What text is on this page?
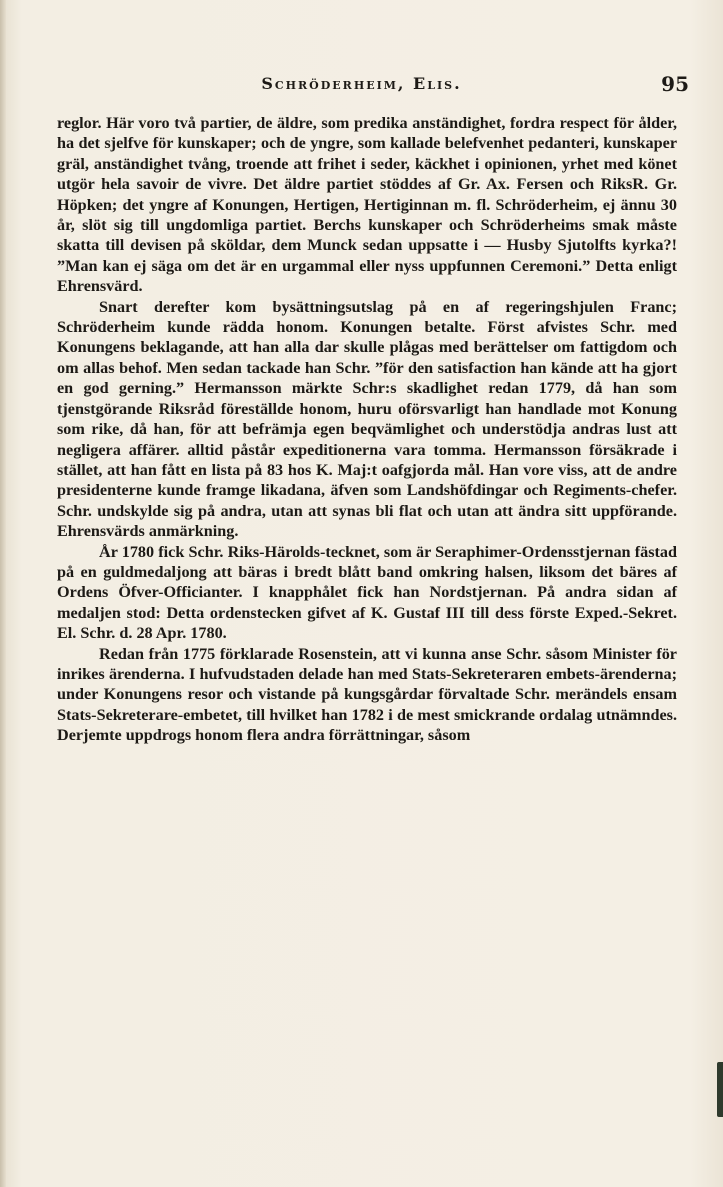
Schröderheim, Elis.	95

reglor. Här voro två partier, de äldre, som predika anständighet, fordra respect för ålder, ha det sjelfve för kunskaper; och de yngre, som kallade belefvenhet pedanteri, kunskaper gräl, anständighet tvång, troende att frihet i seder, käckhet i opinionen, yrhet med könet utgör hela savoir de vivre. Det äldre partiet stöddes af Gr. Ax. Fersen och RiksR. Gr. Höpken; det yngre af Konungen, Hertigen, Hertiginnan m. fl. Schröderheim, ej ännu 30 år, slöt sig till ungdomliga partiet. Berchs kunskaper och Schröderheims smak måste skatta till devisen på sköldar, dem Munck sedan uppsatte i — Husby Sjutolfts kyrka?! ”Man kan ej säga om det är en urgammal eller nyss uppfunnen Ceremoni.” Detta enligt Ehrensvärd.

Snart derefter kom bysättningsutslag på en af regeringshjulen Franc; Schröderheim kunde rädda honom. Konungen betalte. Först afvistes Schr. med Konungens beklagande, att han alla dar skulle plågas med berättelser om fattigdom och om allas behof. Men sedan tackade han Schr. ”för den satisfaction han kände att ha gjort en god gerning.” Hermansson märkte Schr:s skadlighet redan 1779, då han som tjenstgörande Riksråd föreställde honom, huru oförsvarligt han handlade mot Konung som rike, då han, för att befrämja egen beqvämlighet och understödja andras lust att negligera affärer. alltid påstår expeditionerna vara tomma. Hermansson försäkrade i stället, att han fått en lista på 83 hos K. Maj:t oafgjorda mål. Han vore viss, att de andre presidenterne kunde framge likadana, äfven som Landshöfdingar och Regiments-chefer. Schr. undskylde sig på andra, utan att synas bli flat och utan att ändra sitt uppförande. Ehrensvärds anmärkning.

År 1780 fick Schr. Riks-Härolds-tecknet, som är Seraphimer-Ordensstjernan fästad på en guldmedaljong att bäras i bredt blått band omkring halsen, liksom det bäres af Ordens Öfver-Officianter. I knapphålet fick han Nordstjernan. På andra sidan af medaljen stod: Detta ordenstecken gifvet af K. Gustaf III till dess förste Exped.-Sekret. El. Schr. d. 28 Apr. 1780.

Redan från 1775 förklarade Rosenstein, att vi kunna anse Schr. såsom Minister för inrikes ärenderna. I hufvudstaden delade han med Stats-Sekreteraren embets-ärenderna; under Konungens resor och vistande på kungsgårdar förvaltade Schr. merändels ensam Stats-Sekreterare-embetet, till hvilket han 1782 i de mest smickrande ordalag utnämndes. Derjemte uppdrogs honom flera andra förrättningar, såsom
